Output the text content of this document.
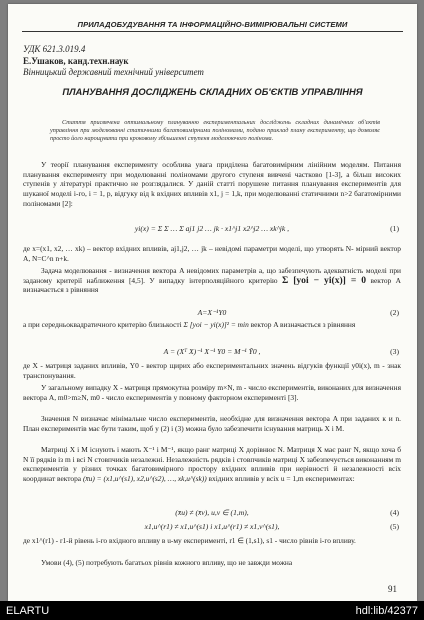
ПРИЛАДОБУДУВАННЯ ТА ІНФОРМАЦІЙНО-ВИМІРЮВАЛЬНІ СИСТЕМИ
УДК 621.3.019.4
Е.Ушаков, канд.техн.наук
Вінницький державний технічний університет
ПЛАНУВАННЯ ДОСЛІДЖЕНЬ СКЛАДНИХ ОБ'ЄКТІВ УПРАВЛІННЯ
Стаття присвячена оптимальному плануванню експериментальних досліджень складних динамічних об'єктів управління при моделюванні статичними багатовимірними поліномами, подано приклад плану експерименту, що дозволяє просто його нарощувати при кроковому збільшенні ступеня моделюючого полінома.
У теорії планування експерименту особлива увага приділена багатовимірним лінійним моделям. Питання планування експерименту при моделюванні поліномами другого ступеня вивчені частково [1-3], а більш високих ступенів у літературі практично не розглядалися. У даній статті порушене питання планування експериментів для шуканої моделі і-го, і = 1, p, відгуку від k вхідних впливів x1, j = 1,k, при моделюванні статичними n>2 багатомірними поліномами [2]:
yi(x) = Σ Σ … Σ aj1 j2 … jk · x1^j1 x2^j2 … xk^jk ,	(1)
де x=(x1, x2, … xk) – вектор вхідних впливів, aj1,j2, … jk – невідомі параметри моделі, що утворять N- мірний вектор A, N=C^n n+k.
Задача моделювання - визначення вектора A невідомих параметрів a, що забезпечують адекватність моделі при заданому критерії наближення [4,5]. У випадку інтерполяційного критерію Σ [yoi − yi(x)] = 0 вектор A визначається з рівняння
A=X⁻¹Y0	(2)
а при середньоквадратичного критерію близькості Σ [yoi − yi(x)]² = min вектор A визначається з рівняння
A = (Xᵀ X)⁻¹ X⁻¹ Y0 = M⁻¹ Ỹ0 ,	(3)
де X - матриця заданих впливів, Y0 - вектор щирих або експериментальних значень відгуків функції y0i(x), m - знак транспонування.
У загальному випадку X - матриця прямокутна розміру m×N, m - число експериментів, виконаних для визначення вектора A, m0>m≥N, m0 - число експериментів у повному факторном експерименті [3].
Значення N визначає мінімальне число експериментів, необхідне для визначення вектора A при заданих к и n. План експериментів має бути таким, щоб у (2) і (3) можна було забезпечити існування матриць X і M.
Матриці X і M існують і мають X⁻¹ і M⁻¹, якщо ранг матриці X дорівнює N. Матриця X має ранг N, якщо хоча б N її рядків із m і всі N стовпчиків незалежні. Незалежність рядків і стовпчиків матриці X забезпечується виконанням m експериментів у різних точках багатовимірного простору вхідних впливів при нерівності й незалежності всіх координат вектора (x̄u) = (x1,u^(s1), x2,u^(s2), …, xk,u^(sk)) вхідних впливів у всіх u = 1,m експериментах:
(x̄u) ≠ (x̄v), u,v ∈ (1,m),	(4)
x1,u^(r1) ≠ x1,u^(s1) і x1,u^(r1) ≠ x1,v^(s1),	(5)
де x1^(r1) - r1-й рівень і-го вхідного впливу в u-му експерименті, r1 ∈ (1,s1), s1 - число рівнів і-го впливу.
Умови (4), (5) потребують багатьох рівнів кожного впливу, що не завжди можна
91
ELARTU	hdl:lib/42377
